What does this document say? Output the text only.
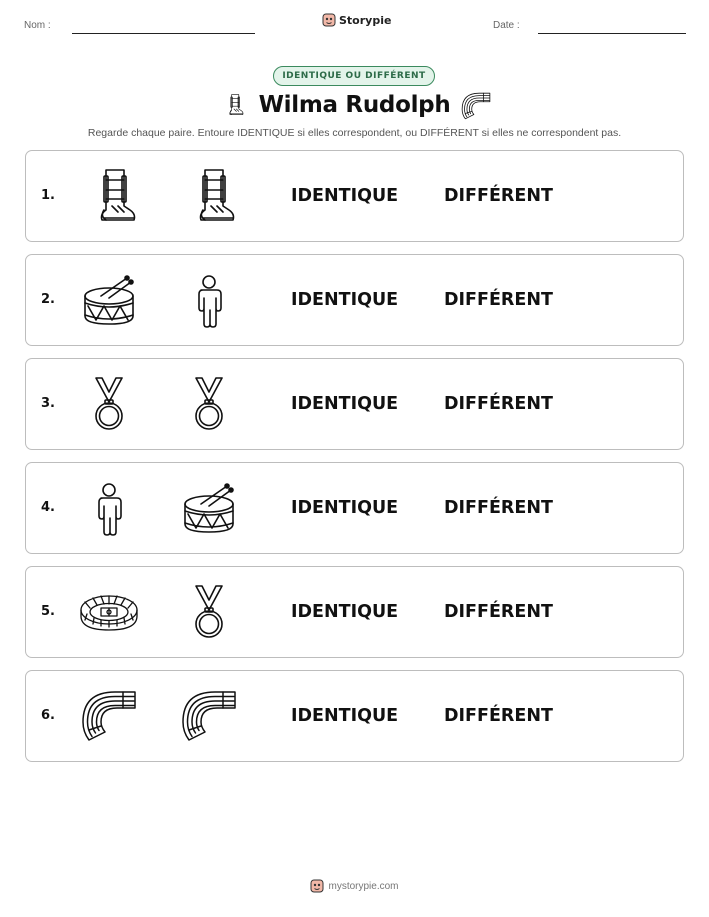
Nom :	Storypie	Date :
IDENTIQUE OU DIFFÉRENT
Wilma Rudolph
Regarde chaque paire. Entoure IDENTIQUE si elles correspondent, ou DIFFÉRENT si elles ne correspondent pas.
1.	IDENTIQUE	DIFFÉRENT
2.	IDENTIQUE	DIFFÉRENT
3.	IDENTIQUE	DIFFÉRENT
4.	IDENTIQUE	DIFFÉRENT
5.	IDENTIQUE	DIFFÉRENT
6.	IDENTIQUE	DIFFÉRENT
mystorypie.com
